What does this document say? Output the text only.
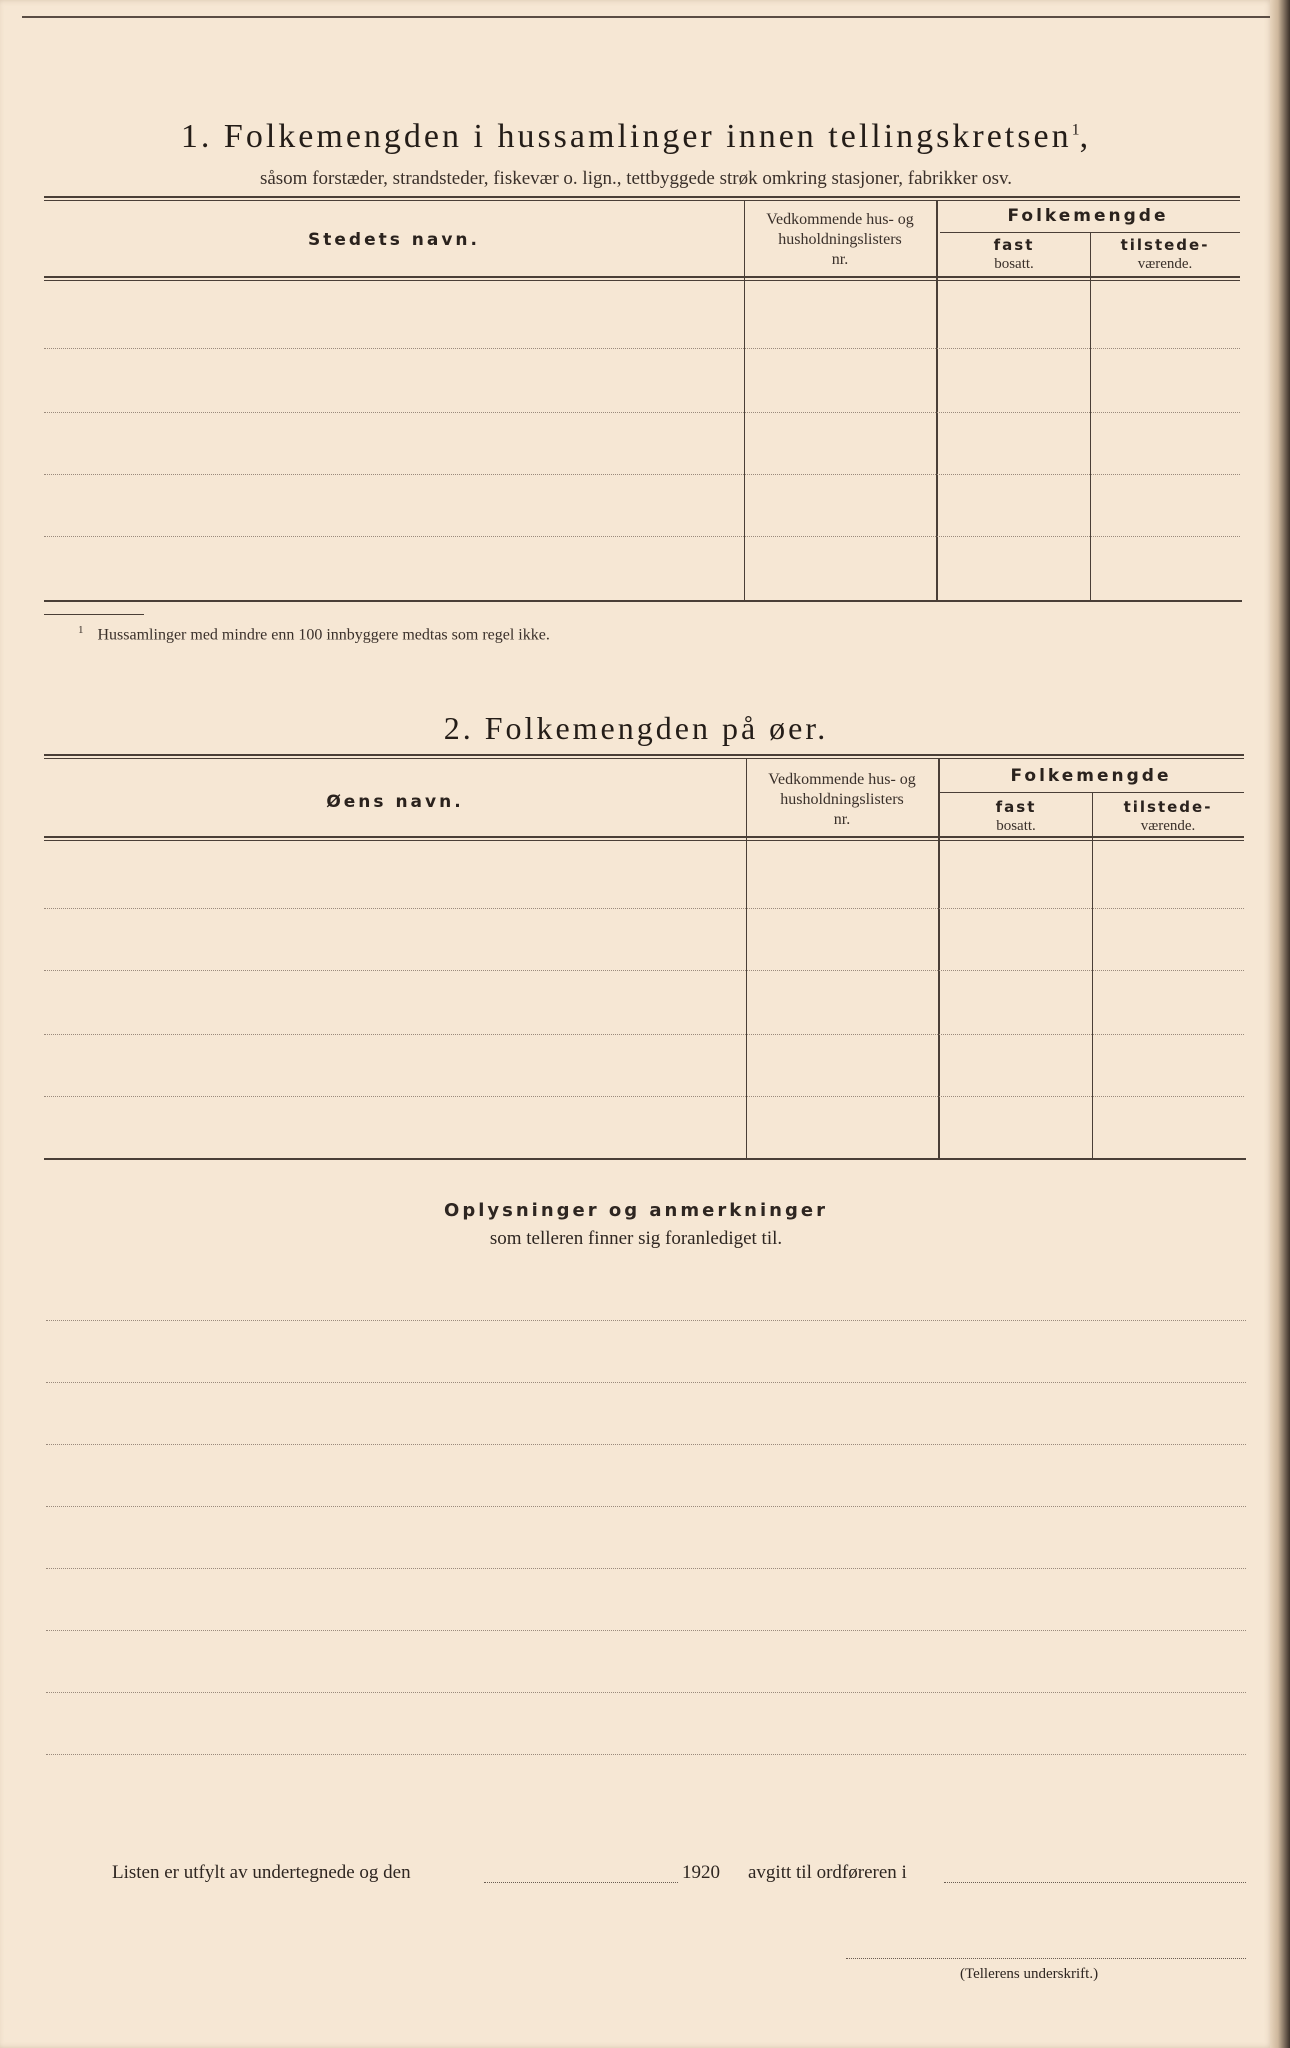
1. Folkemengden i hussamlinger innen tellingskretsen$^1$,
såsom forstæder, strandsteder, fiskevær o. lign., tettbyggede strøk omkring stasjoner, fabrikker osv.
Stedets navn.
Vedkommende hus- og
husholdningslisters
nr.
Folkemengde
fast
bosatt.
tilstede-
værende.
$^1$ Hussamlinger med mindre enn 100 innbyggere medtas som regel ikke.
2. Folkemengden på øer.
Øens navn.
Vedkommende hus- og
husholdningslisters
nr.
Folkemengde
fast
bosatt.
tilstede-
værende.
Oplysninger og anmerkninger
som telleren finner sig foranlediget til.
Listen er utfylt av undertegnede og den	1920 avgitt til ordføreren i
(Tellerens underskrift.)
